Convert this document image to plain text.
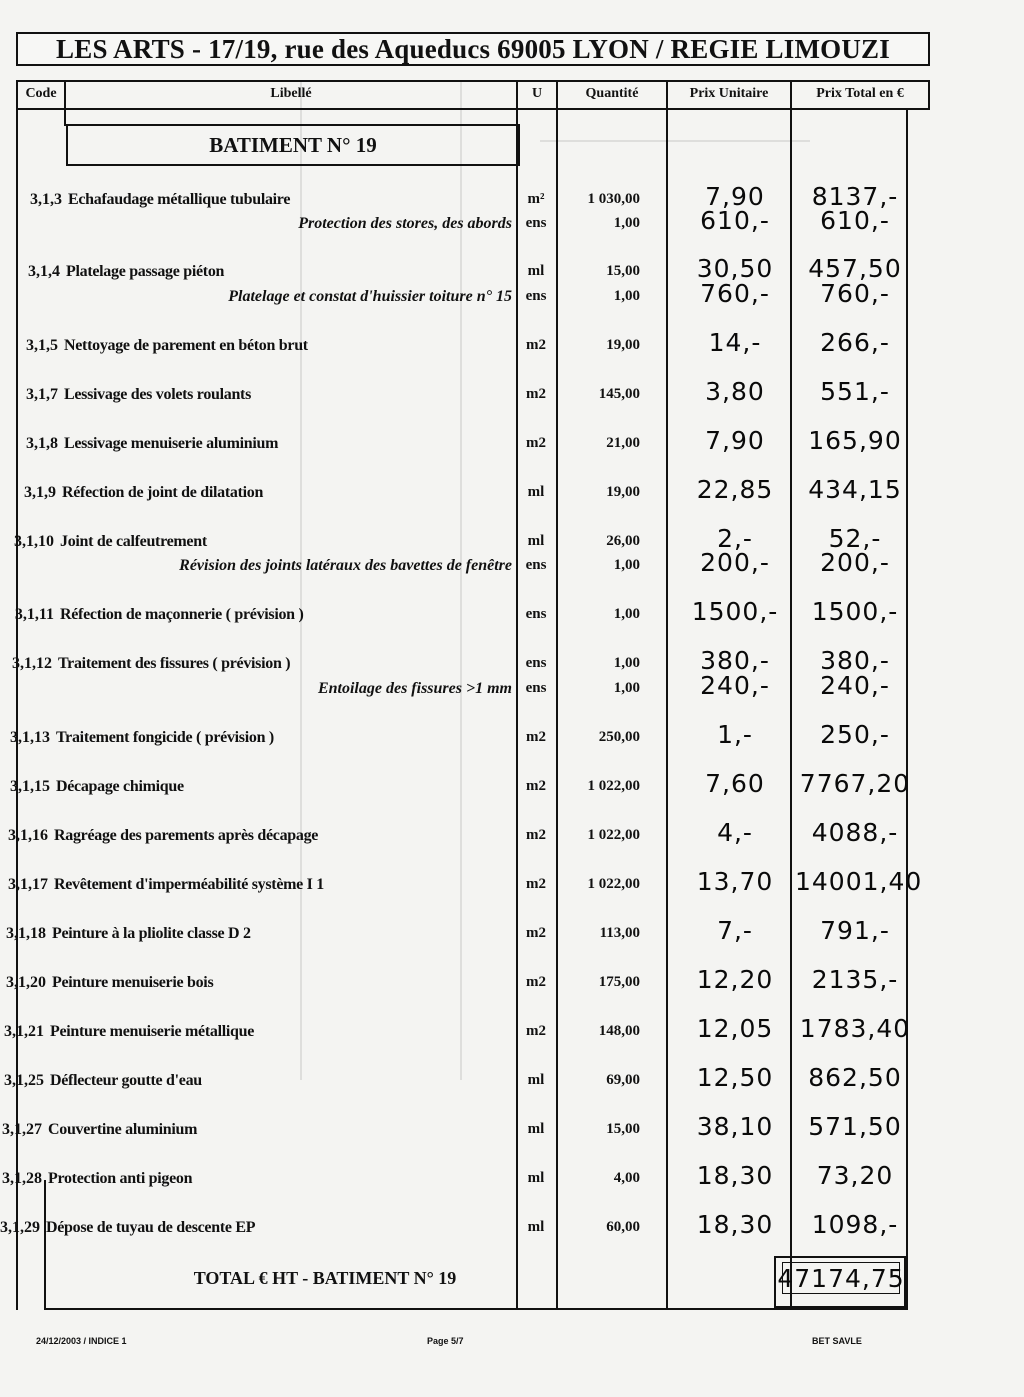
LES ARTS - 17/19, rue des Aqueducs 69005 LYON / REGIE LIMOUZI
Code	Libellé	U	Quantité	Prix Unitaire	Prix Total en €
BATIMENT N° 19
3,1,3 Echafaudage métallique tubulaire	m²	1 030,00	7,90	8137,-
Protection des stores, des abords ens	1,00	610,-	610,-
3,1,4 Platelage passage piéton	ml	15,00	30,50	457,50
Platelage et constat d'huissier toiture n° 15 ens	1,00	760,-	760,-
3,1,5 Nettoyage de parement en béton brut	m2	19,00	14,-	266,-
3,1,7 Lessivage des volets roulants	m2	145,00	3,80	551,-
3,1,8 Lessivage menuiserie aluminium	m2	21,00	7,90	165,90
3,1,9 Réfection de joint de dilatation	ml	19,00	22,85	434,15
3,1,10 Joint de calfeutrement	ml	26,00	2,-	52,-
Révision des joints latéraux des bavettes de fenêtre ens	1,00	200,-	200,-
3,1,11 Réfection de maçonnerie ( prévision )	ens	1,00	1500,-	1500,-
3,1,12 Traitement des fissures ( prévision )	ens	1,00	380,-	380,-
Entoilage des fissures >1 mm ens	1,00	240,-	240,-
3,1,13 Traitement fongicide ( prévision )	m2	250,00	1,-	250,-
3,1,15 Décapage chimique	m2	1 022,00	7,60	7767,20
3,1,16 Ragréage des parements après décapage	m2	1 022,00	4,-	4088,-
3,1,17 Revêtement d'imperméabilité système I 1	m2	1 022,00	13,70 14001,40
3,1,18 Peinture à la pliolite classe D 2	m2	113,00	7,-	791,-
3,1,20 Peinture menuiserie bois	m2	175,00	12,20	2135,-
3,1,21 Peinture menuiserie métallique	m2	148,00	12,05	1783,40
3,1,25 Déflecteur goutte d'eau	ml	69,00	12,50	862,50
3,1,27 Couvertine aluminium	ml	15,00	38,10	571,50
3,1,28 Protection anti pigeon	ml	4,00	18,30	73,20
3,1,29 Dépose de tuyau de descente EP	ml	60,00	18,30	1098,-
TOTAL € HT - BATIMENT N° 19	47174,75
24/12/2003 / INDICE 1	Page 5/7	BET SAVLE
